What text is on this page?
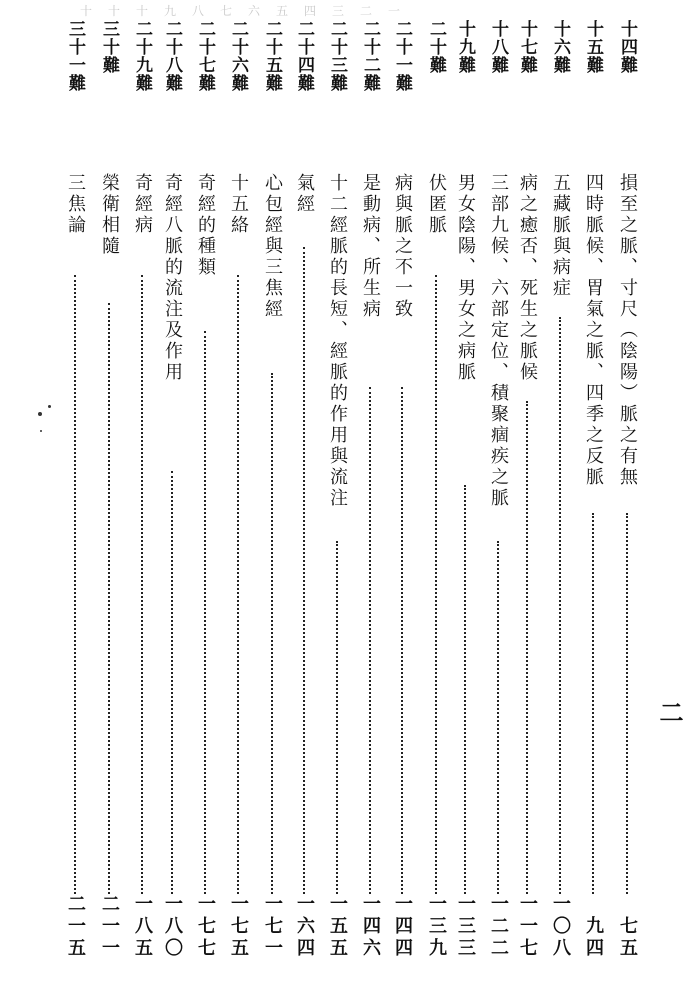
十十十九八七六五四三二一
十四難
損至之脈、寸尺︵陰陽︶脈之有無
七五
十五難
四時脈候、胃氣之脈、四季之反脈
九四
十六難
五藏脈與病症
一〇八
十七難
病之癒否、死生之脈候
一一七
十八難
三部九候、六部定位、積聚痼疾之脈
一二二
十九難
男女陰陽、男女之病脈
一三三
二十難
伏匿脈
一三九
二十一難
病與脈之不一致
一四四
二十二難
是動病、所生病
一四六
二十三難
十二經脈的長短、經脈的作用與流注
一五五
二十四難
氣經
一六四
二十五難
心包經與三焦經
一七一
二十六難
十五絡
一七五
二十七難
奇經的種類
一七七
二十八難
奇經八脈的流注及作用
一八〇
二十九難
奇經病
一八五
三十難
榮衛相隨
二一一
三十一難
三焦論
二一五
二
